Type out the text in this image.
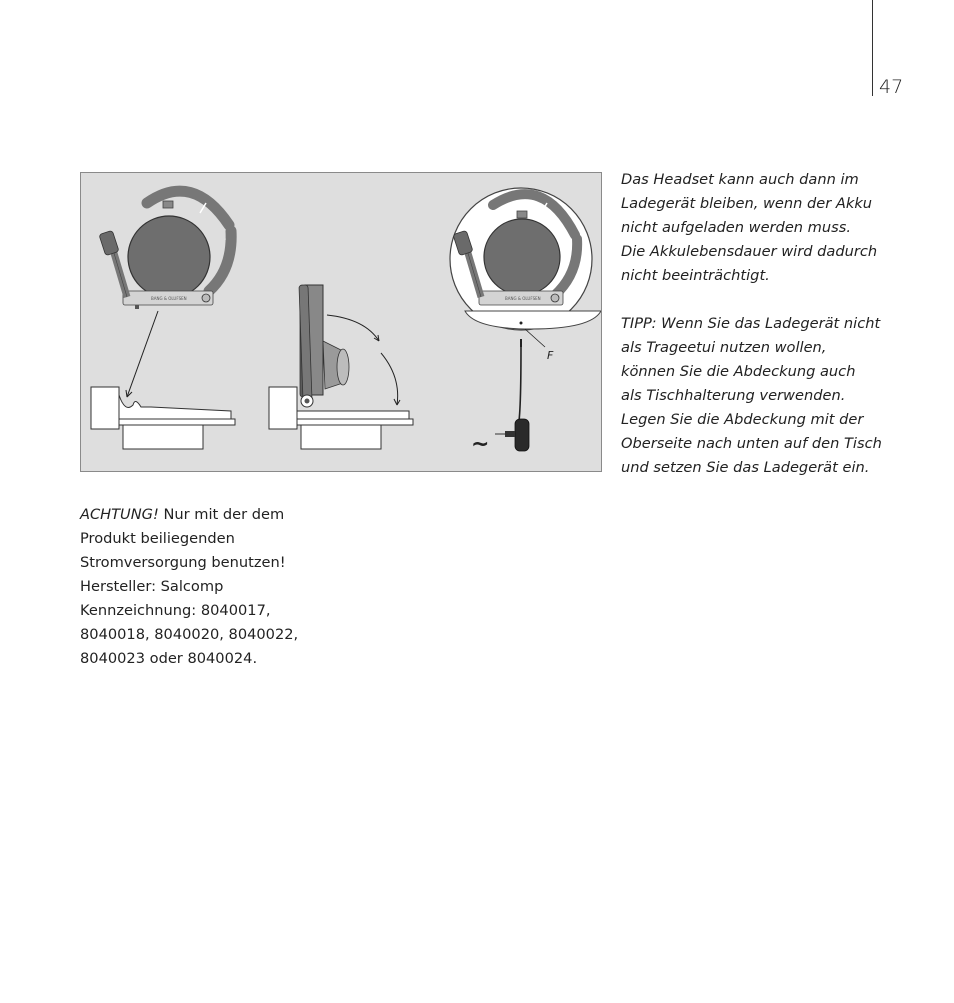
47
BANG & OLUFSEN	BANG & OLUFSEN
F
~

Das Headset kann auch dann im
Ladegerät bleiben, wenn der Akku
nicht aufgeladen werden muss.
Die Akkulebensdauer wird dadurch
nicht beeinträchtigt.

TIPP: Wenn Sie das Ladegerät nicht
als Trageetui nutzen wollen,
können Sie die Abdeckung auch
als Tischhalterung verwenden.
Legen Sie die Abdeckung mit der
Oberseite nach unten auf den Tisch
und setzen Sie das Ladegerät ein.

ACHTUNG! Nur mit der dem
Produkt beiliegenden
Stromversorgung benutzen!
Hersteller: Salcomp
Kennzeichnung: 8040017,
8040018, 8040020, 8040022,
8040023 oder 8040024.
